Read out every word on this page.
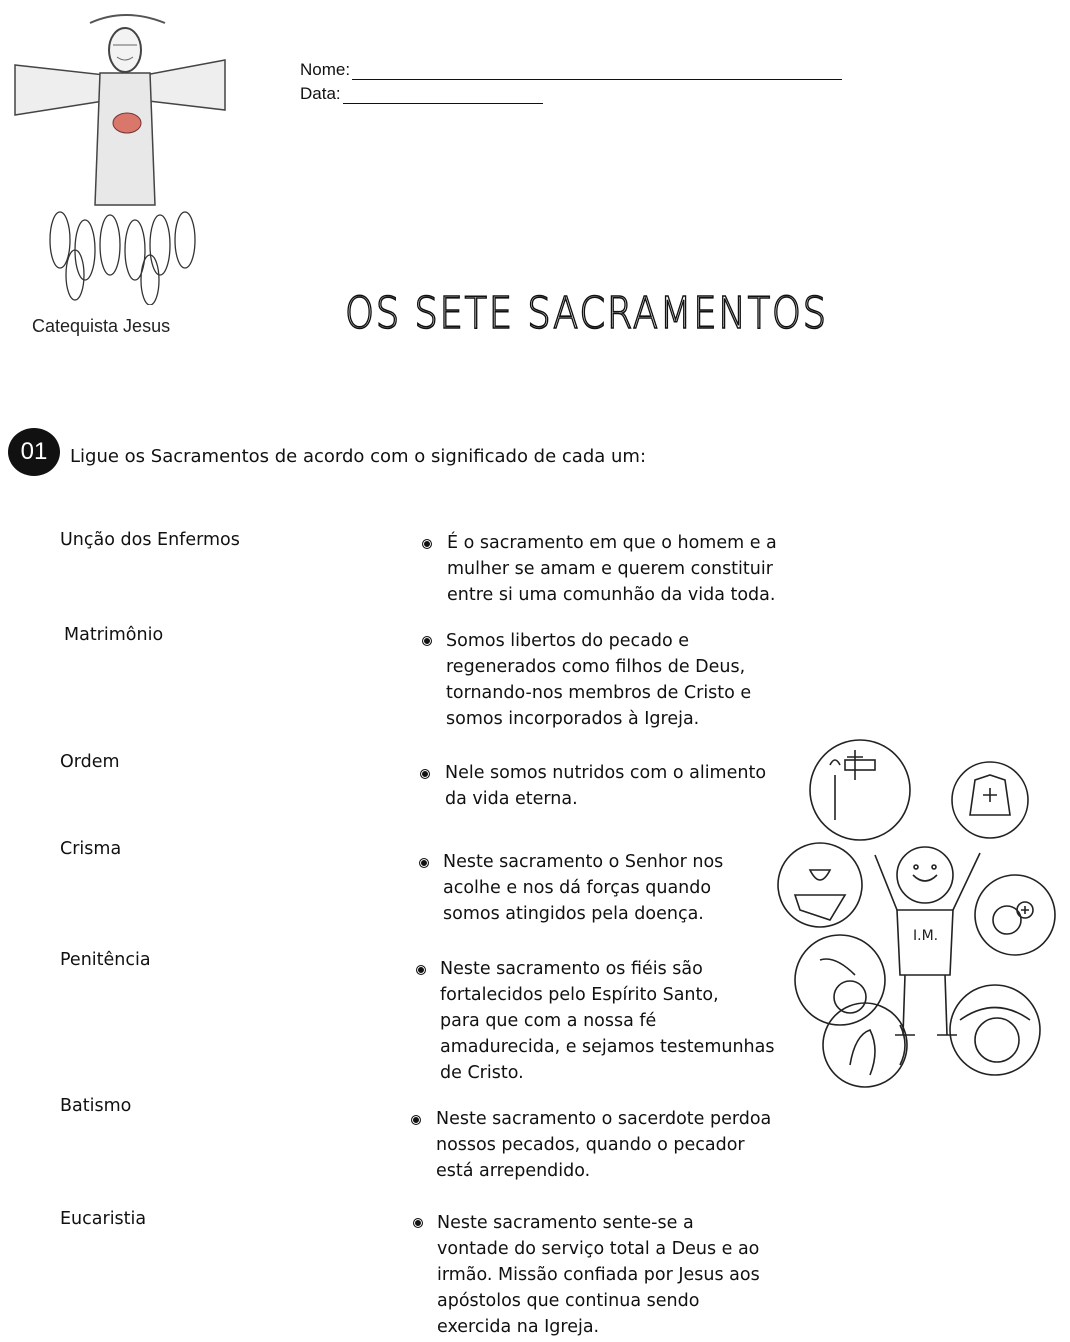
Catequista Jesus
Nome:
Data:
OS SETE SACRAMENTOS
01	Ligue os Sacramentos de acordo com o significado de cada um:
Unção dos Enfermos
Matrimônio
Ordem
Crisma
Penitência
Batismo
Eucaristia
É o sacramento em que o homem e a
mulher se amam e querem constituir
entre si uma comunhão da vida toda.
Somos libertos do pecado e
regenerados como filhos de Deus,
tornando-nos membros de Cristo e
somos incorporados à Igreja.
Nele somos nutridos com o alimento
da vida eterna.
Neste sacramento o Senhor nos
acolhe e nos dá forças quando
somos atingidos pela doença.
Neste sacramento os fiéis são
fortalecidos pelo Espírito Santo,
para que com a nossa fé
amadurecida, e sejamos testemunhas
de Cristo.
Neste sacramento o sacerdote perdoa
nossos pecados, quando o pecador
está arrependido.
Neste sacramento sente-se a
vontade do serviço total a Deus e ao
irmão. Missão confiada por Jesus aos
apóstolos que continua sendo
exercida na Igreja.
I.M.
